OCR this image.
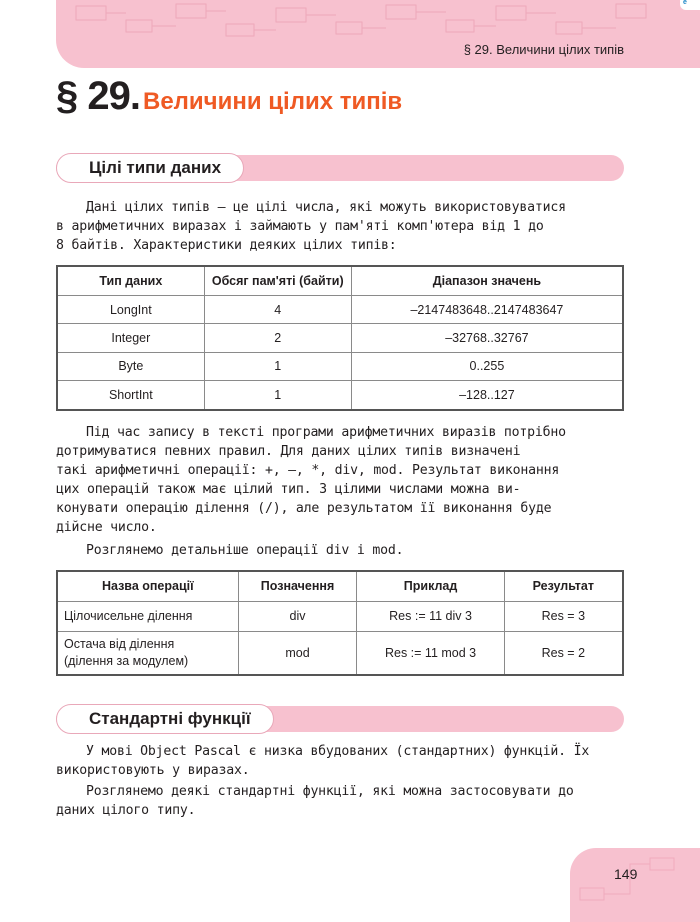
e
§ 29. Величини цілих типів
§ 29. Величини цілих типів
Цілі типи даних
Дані цілих типів — це цілі числа, які можуть використовуватися
в арифметичних виразах і займають у пам'яті комп'ютера від 1 до
8 байтів. Характеристики деяких цілих типів:
Тип даних	Обсяг пам'яті (байти)	Діапазон значень
LongInt	4	–2147483648..2147483647
Integer	2	–32768..32767
Byte	1	0..255
ShortInt	1	–128..127
Під час запису в тексті програми арифметичних виразів потрібно
дотримуватися певних правил. Для даних цілих типів визначені
такі арифметичні операції: +, –, *, div, mod. Результат виконання
цих операцій також має цілий тип. З цілими числами можна ви-
конувати операцію ділення (/), але результатом її виконання буде
дійсне число.
Розглянемо детальніше операції div і mod.
Назва операції	Позначення	Приклад	Результат
Цілочисельне ділення	div	Res := 11 div 3	Res = 3
Остача від ділення
(ділення за модулем)	mod	Res := 11 mod 3	Res = 2
Стандартні функції
У мові Object Pascal є низка вбудованих (стандартних) функцій. Їх
використовують у виразах.
Розглянемо деякі стандартні функції, які можна застосовувати до
даних цілого типу.
149
